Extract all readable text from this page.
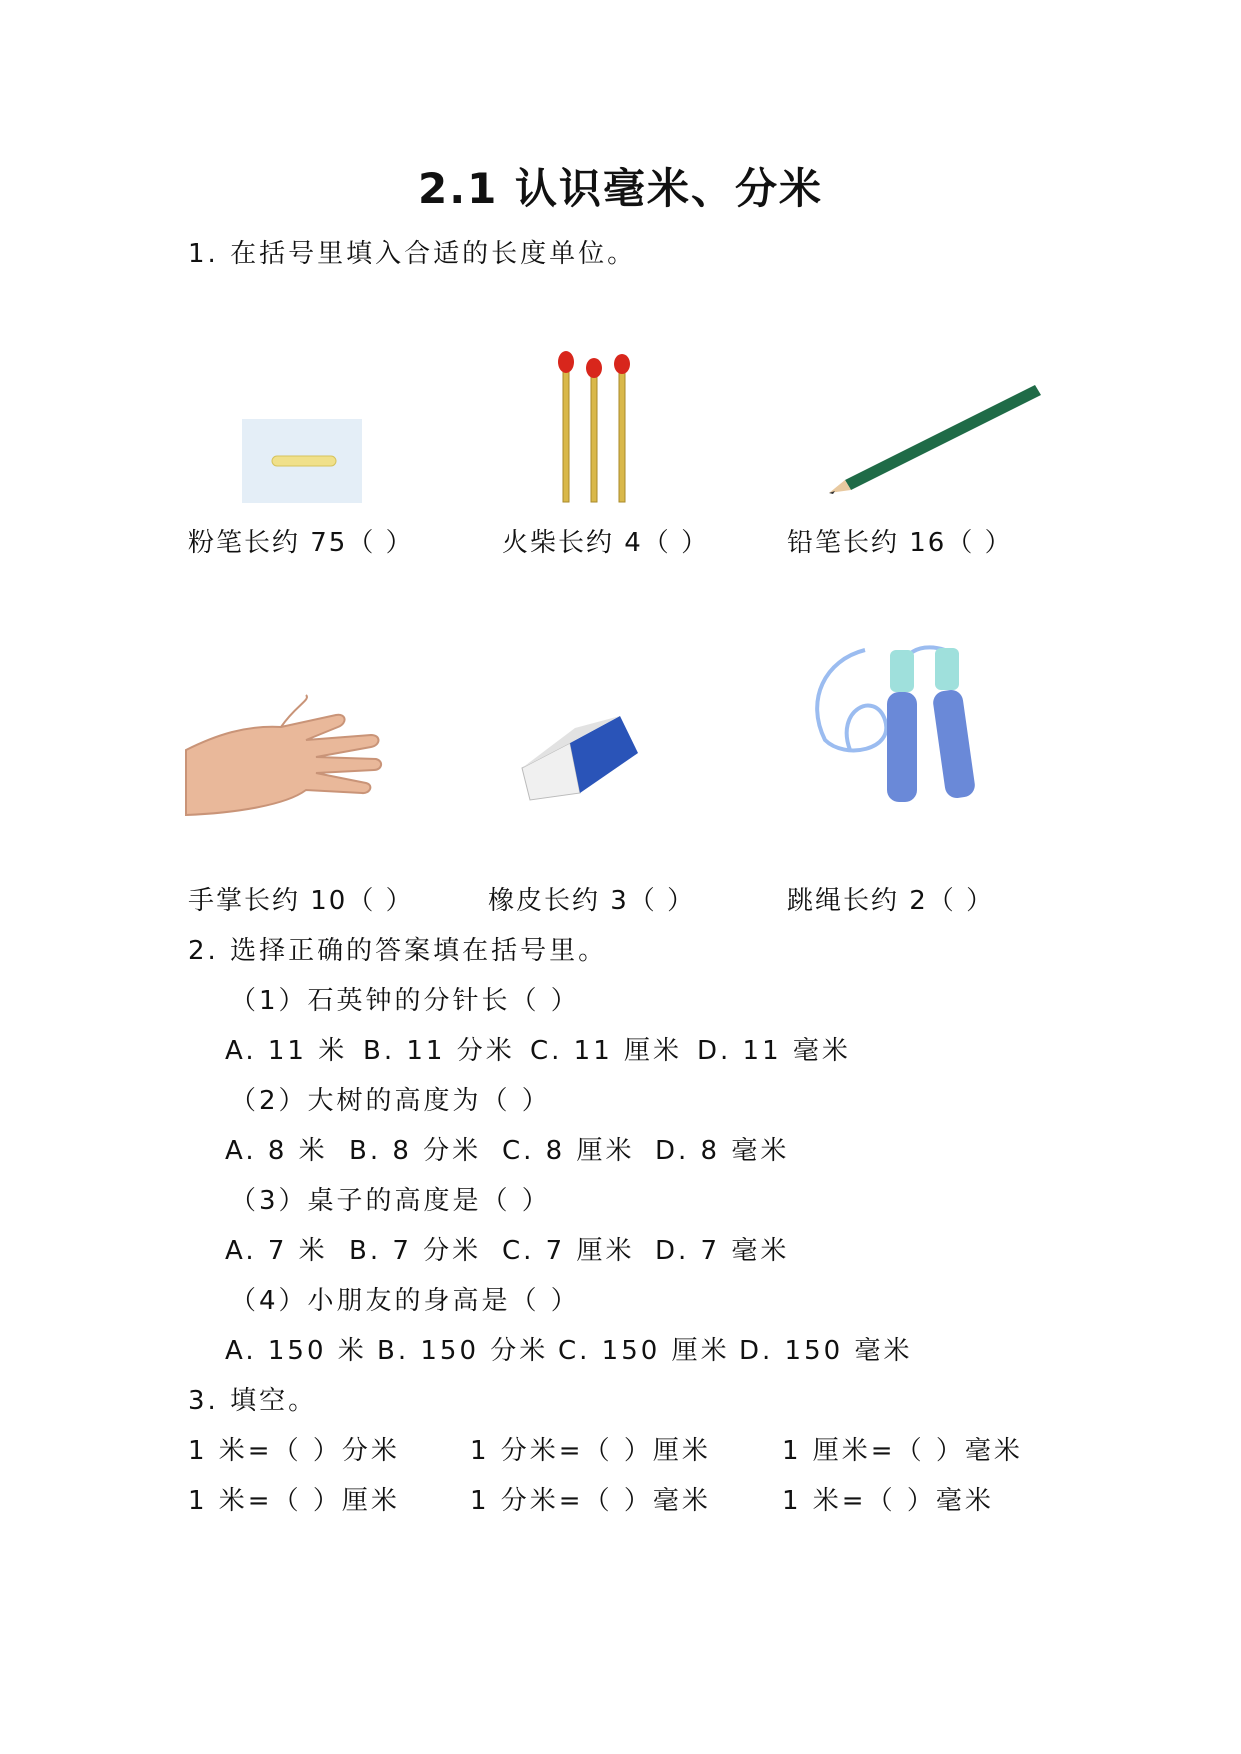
2.1 认识毫米、分米
1. 在括号里填入合适的长度单位。
粉笔长约 75（ ）	火柴长约 4（ ）	铅笔长约 16（ ）
手掌长约 10（ ）	橡皮长约 3（ ）	跳绳长约 2（ ）
2. 选择正确的答案填在括号里。
（1）石英钟的分针长（ ）
A. 11 米 B. 11 分米 C. 11 厘米 D. 11 毫米
（2）大树的高度为（ ）
A. 8 米 B. 8 分米 C. 8 厘米 D. 8 毫米
（3）桌子的高度是（ ）
A. 7 米 B. 7 分米 C. 7 厘米 D. 7 毫米
（4）小朋友的身高是（ ）
A. 150 米 B. 150 分米 C. 150 厘米 D. 150 毫米
3. 填空。
1 米=（ ）分米	1 分米=（ ）厘米	1 厘米=（ ）毫米
1 米=（ ）厘米	1 分米=（ ）毫米	1 米=（ ）毫米
